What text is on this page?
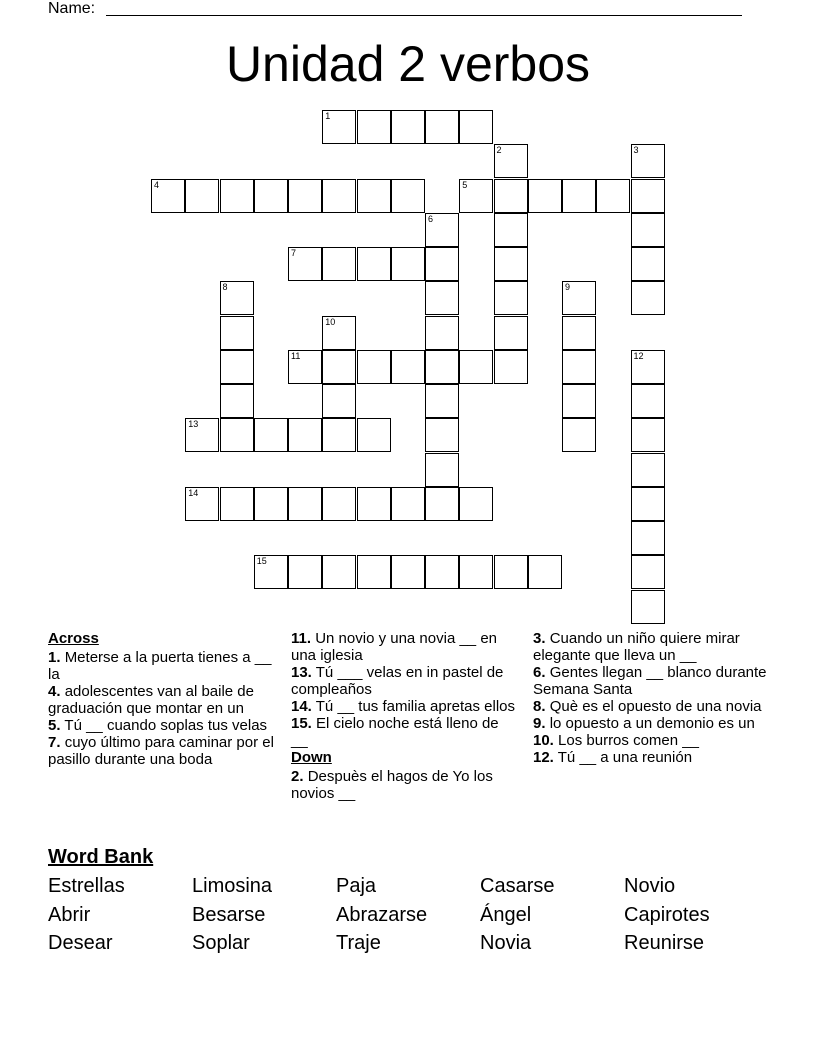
Name:
Unidad 2 verbos
1
4	5
7
11
13
14
15
2	3
6
8	9
10
12
Across
1. Meterse a la puerta tienes a __ la
4. adolescentes van al baile de graduación que montar en un
5. Tú __ cuando soplas tus velas
7. cuyo último para caminar por el pasillo durante una boda
11. Un novio y una novia __ en una iglesia
13. Tú ___ velas en in pastel de compleaños
14. Tú __ tus familia apretas ellos
15. El cielo noche está lleno de __
Down
2. Despuès el hagos de Yo los novios __
3. Cuando un niño quiere mirar elegante que lleva un __
6. Gentes llegan __ blanco durante Semana Santa
8. Què es el opuesto de una novia
9. lo opuesto a un demonio es un
10. Los burros comen __
12. Tú __ a una reunión
Word Bank
Estrellas	Limosina	Paja	Casarse	Novio
Abrir	Besarse	Abrazarse	Ángel	Capirotes
Desear	Soplar	Traje	Novia	Reunirse
